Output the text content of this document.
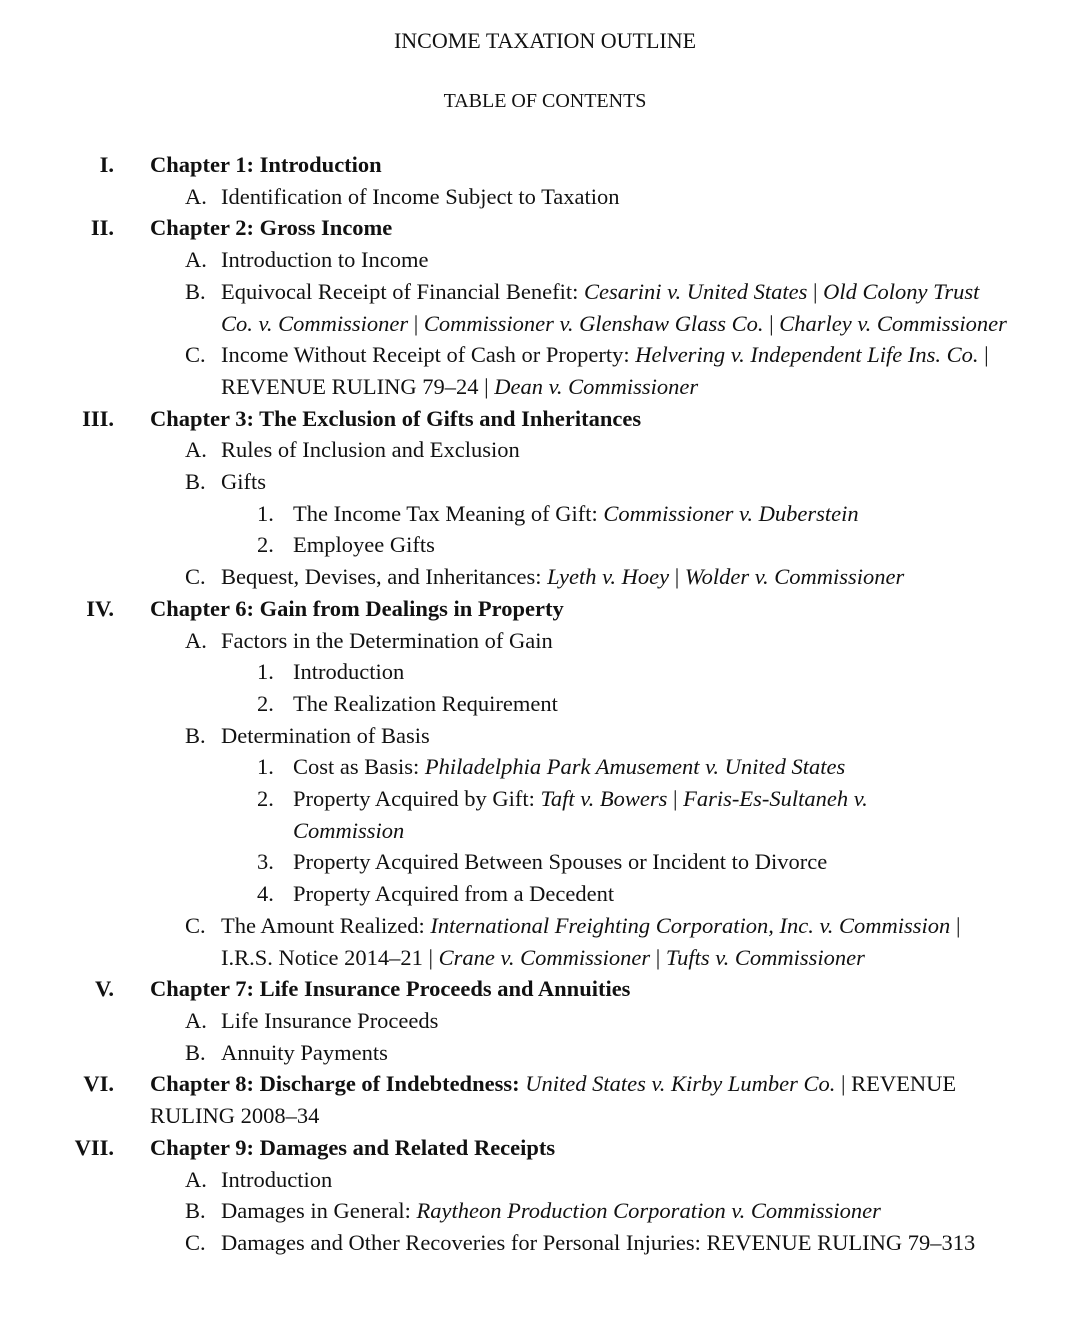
INCOME TAXATION OUTLINE
TABLE OF CONTENTS
I. Chapter 1: Introduction
A. Identification of Income Subject to Taxation
II. Chapter 2: Gross Income
A. Introduction to Income
B. Equivocal Receipt of Financial Benefit: Cesarini v. United States | Old Colony Trust Co. v. Commissioner | Commissioner v. Glenshaw Glass Co. | Charley v. Commissioner
C. Income Without Receipt of Cash or Property: Helvering v. Independent Life Ins. Co. | REVENUE RULING 79–24 | Dean v. Commissioner
III. Chapter 3: The Exclusion of Gifts and Inheritances
A. Rules of Inclusion and Exclusion
B. Gifts
1. The Income Tax Meaning of Gift: Commissioner v. Duberstein
2. Employee Gifts
C. Bequest, Devises, and Inheritances: Lyeth v. Hoey | Wolder v. Commissioner
IV. Chapter 6: Gain from Dealings in Property
A. Factors in the Determination of Gain
1. Introduction
2. The Realization Requirement
B. Determination of Basis
1. Cost as Basis: Philadelphia Park Amusement v. United States
2. Property Acquired by Gift: Taft v. Bowers | Faris-Es-Sultaneh v. Commission
3. Property Acquired Between Spouses or Incident to Divorce
4. Property Acquired from a Decedent
C. The Amount Realized: International Freighting Corporation, Inc. v. Commission | I.R.S. Notice 2014–21 | Crane v. Commissioner | Tufts v. Commissioner
V. Chapter 7: Life Insurance Proceeds and Annuities
A. Life Insurance Proceeds
B. Annuity Payments
VI. Chapter 8: Discharge of Indebtedness: United States v. Kirby Lumber Co. | REVENUE RULING 2008–34
VII. Chapter 9: Damages and Related Receipts
A. Introduction
B. Damages in General: Raytheon Production Corporation v. Commissioner
C. Damages and Other Recoveries for Personal Injuries: REVENUE RULING 79–313
